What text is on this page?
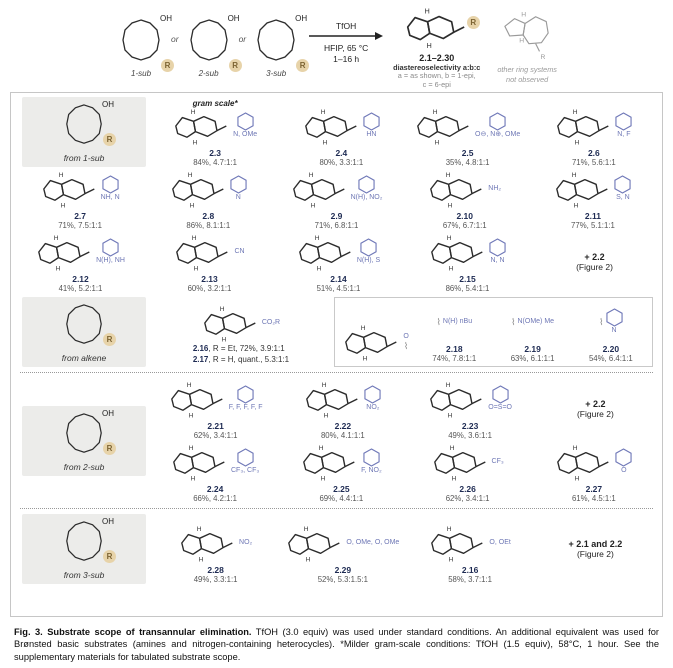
OH
R
1-sub
or
OH
R
2-sub
or
OH
R
3-sub
TfOH
HFIP, 65 °C
1–16 h
H
H
R
2.1–2.30
diastereoselectivity a:b:c
a = as shown, b = 1-epi,
c = 6-epi
H
H
R
other ring systems
not observed
OH
R
from 1-sub
gram scale*
H
H
N, OMe
2.3
84%, 4.7:1:1
H
H
HN
2.4
80%, 3.3:1:1
H
H
O⊖, N⊕, OMe
2.5
35%, 4.8:1:1
H
H
N, F
2.6
71%, 5.6:1:1
H
H
NH, N
2.7
71%, 7.5:1:1
H
H
N
2.8
86%, 8.1:1:1
H
H
N(H), NO₂
2.9
71%, 6.8:1:1
H
H
NH₂
2.10
67%, 6.7:1:1
H
H
S, N
2.11
77%, 5.1:1:1
H
H
N(H), NH
2.12
41%, 5.2:1:1
H
H
CN
2.13
60%, 3.2:1:1
H
H
N(H), S
2.14
51%, 4.5:1:1
H
H
N, N
2.15
86%, 5.4:1:1
+ 2.2
(Figure 2)
R
from alkene
H
H
CO₂R
2.16, R = Et, 72%, 3.9:1:1
2.17, R = H, quant., 5.3:1:1
H
H
O
⌇
⌇ N(H) nBu
2.18
74%, 7.8:1:1
⌇ N(OMe) Me
2.19
63%, 6.1:1:1
⌇
N
2.20
54%, 6.4:1:1
OH
R
from 2-sub
H
H
F, F, F, F, F
2.21
62%, 3.4:1:1
H
H
NO₂
2.22
80%, 4.1:1:1
H
H
O=S=O
2.23
49%, 3.6:1:1
+ 2.2
(Figure 2)
H
H
CF₃, CF₃
2.24
66%, 4.2:1:1
H
H
F, NO₂
2.25
69%, 4.4:1:1
H
H
CF₃
2.26
62%, 3.4:1:1
H
H
O
2.27
61%, 4.5:1:1
OH
R
from 3-sub
H
H
NO₂
2.28
49%, 3.3:1:1
H
H
O, OMe, O, OMe
2.29
52%, 5.3:1.5:1
H
H
O, OEt
2.16
58%, 3.7:1:1
+ 2.1 and 2.2
(Figure 2)
Fig. 3. Substrate scope of transannular elimination. TfOH (3.0 equiv) was used under standard conditions. An additional equivalent was used for Brønsted basic substrates (amines and nitrogen-containing heterocycles). *Milder gram-scale conditions: TfOH (1.5 equiv), 58°C, 1 hour. See the supplementary materials for tabulated substrate scope.
